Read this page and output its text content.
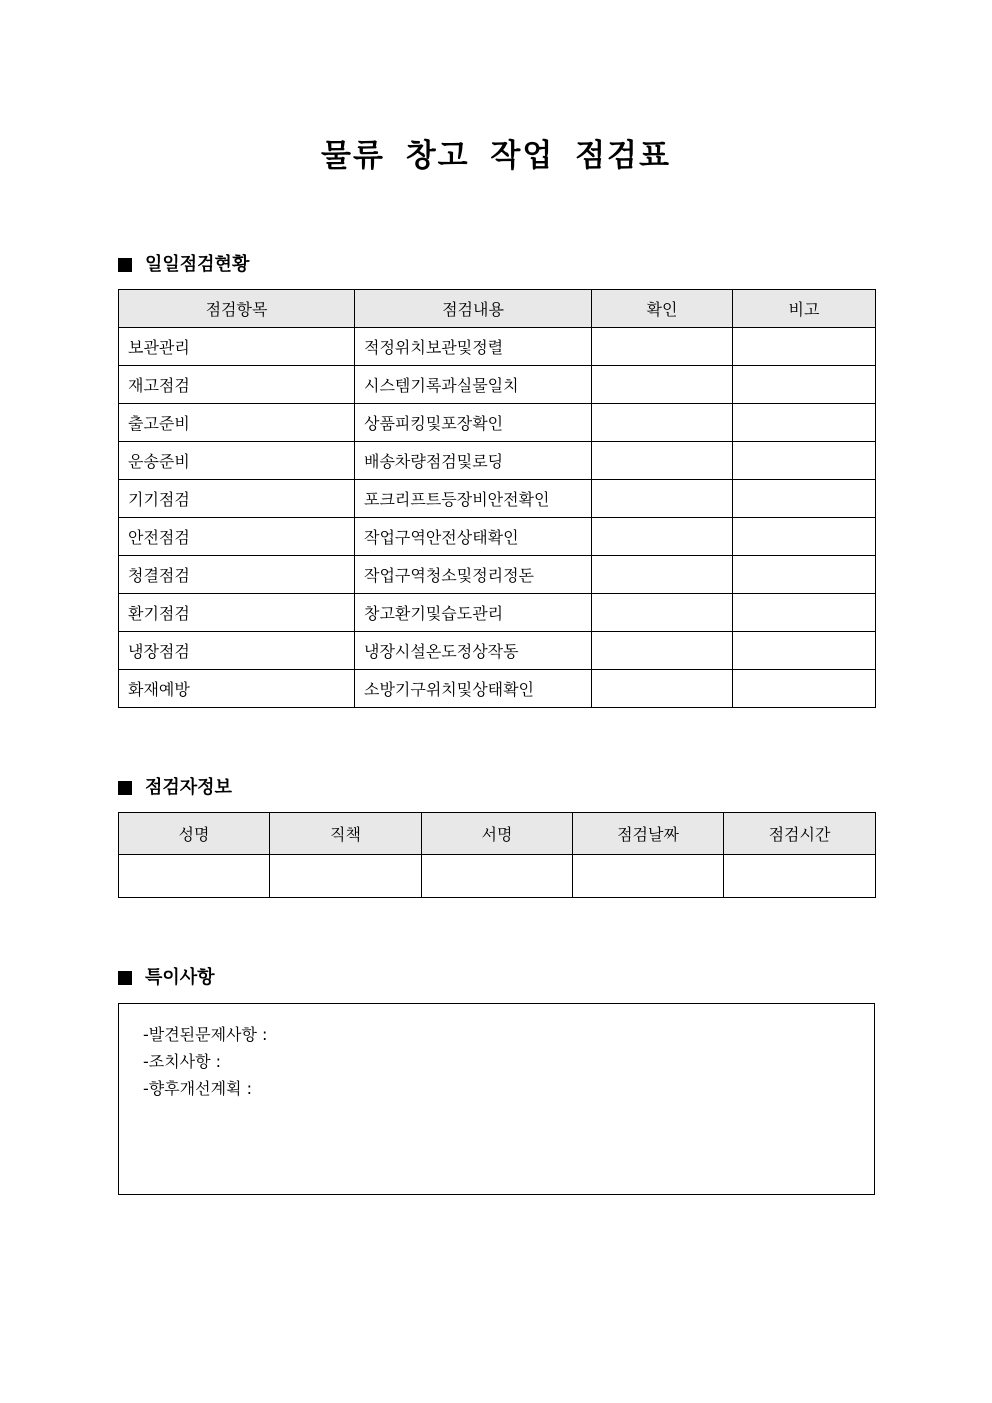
물류 창고 작업 점검표
일일점검현황
점검항목	점검내용	확인	비고
보관관리	적정위치보관및정렬		
재고점검	시스템기록과실물일치		
출고준비	상품피킹및포장확인		
운송준비	배송차량점검및로딩		
기기점검	포크리프트등장비안전확인		
안전점검	작업구역안전상태확인		
청결점검	작업구역청소및정리정돈		
환기점검	창고환기및습도관리		
냉장점검	냉장시설온도정상작동		
화재예방	소방기구위치및상태확인		
점검자정보
성명	직책	서명	점검날짜	점검시간

특이사항
-발견된문제사항 :
-조치사항 :
-향후개선계획 :
